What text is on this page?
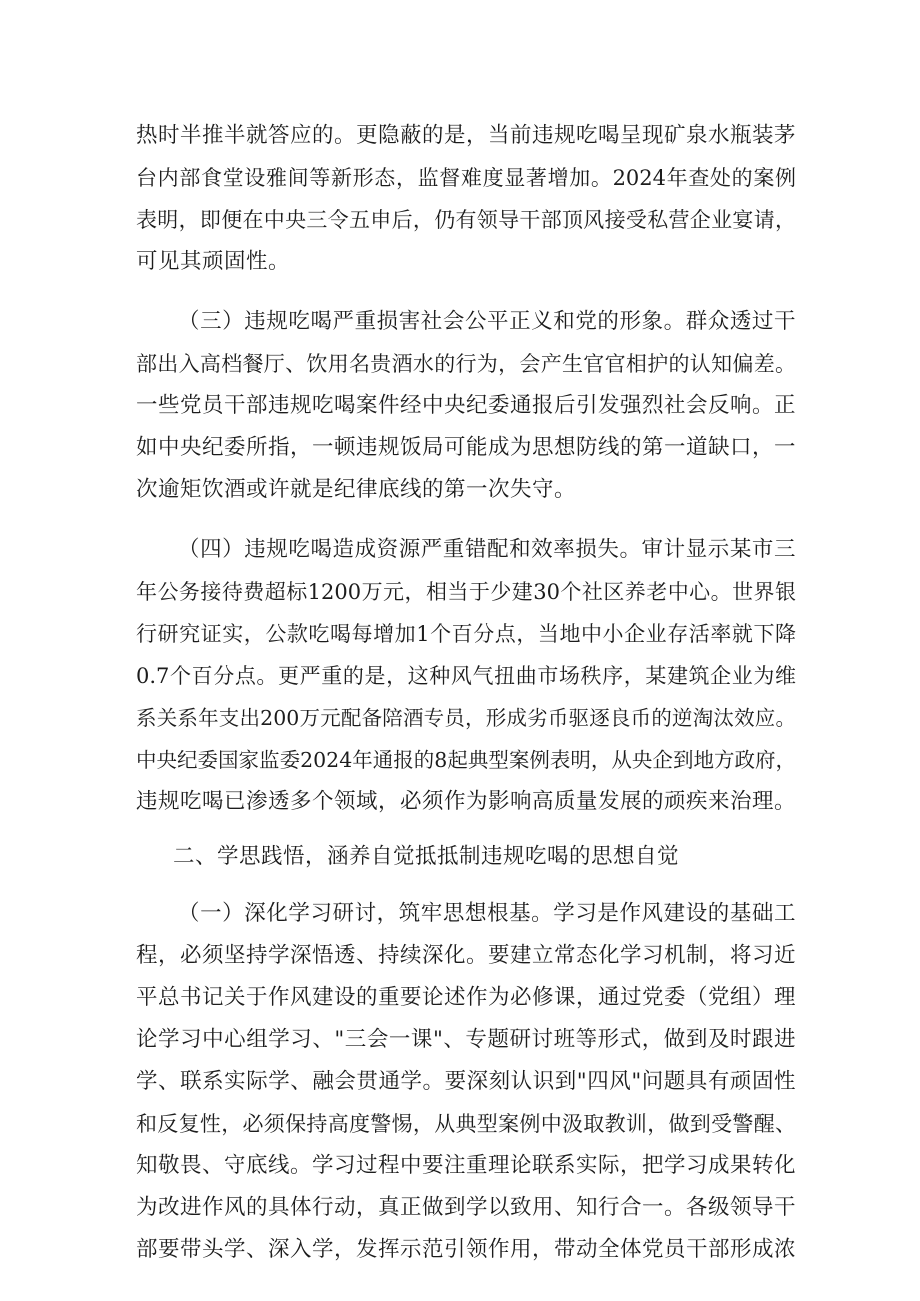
热时半推半就答应的。更隐蔽的是，当前违规吃喝呈现矿泉水瓶装茅
台内部食堂设雅间等新形态，监督难度显著增加。2024年查处的案例
表明，即便在中央三令五申后，仍有领导干部顶风接受私营企业宴请，
可见其顽固性。
（三）违规吃喝严重损害社会公平正义和党的形象。群众透过干
部出入高档餐厅、饮用名贵酒水的行为，会产生官官相护的认知偏差。
一些党员干部违规吃喝案件经中央纪委通报后引发强烈社会反响。正
如中央纪委所指，一顿违规饭局可能成为思想防线的第一道缺口，一
次逾矩饮酒或许就是纪律底线的第一次失守。
（四）违规吃喝造成资源严重错配和效率损失。审计显示某市三
年公务接待费超标1200万元，相当于少建30个社区养老中心。世界银
行研究证实，公款吃喝每增加1个百分点，当地中小企业存活率就下降
0.7个百分点。更严重的是，这种风气扭曲市场秩序，某建筑企业为维
系关系年支出200万元配备陪酒专员，形成劣币驱逐良币的逆淘汰效应。
中央纪委国家监委2024年通报的8起典型案例表明，从央企到地方政府，
违规吃喝已渗透多个领域，必须作为影响高质量发展的顽疾来治理。
二、学思践悟，涵养自觉抵抵制违规吃喝的思想自觉
（一）深化学习研讨，筑牢思想根基。学习是作风建设的基础工
程，必须坚持学深悟透、持续深化。要建立常态化学习机制，将习近
平总书记关于作风建设的重要论述作为必修课，通过党委（党组）理
论学习中心组学习、"三会一课"、专题研讨班等形式，做到及时跟进
学、联系实际学、融会贯通学。要深刻认识到"四风"问题具有顽固性
和反复性，必须保持高度警惕，从典型案例中汲取教训，做到受警醒、
知敬畏、守底线。学习过程中要注重理论联系实际，把学习成果转化
为改进作风的具体行动，真正做到学以致用、知行合一。各级领导干
部要带头学、深入学，发挥示范引领作用，带动全体党员干部形成浓
